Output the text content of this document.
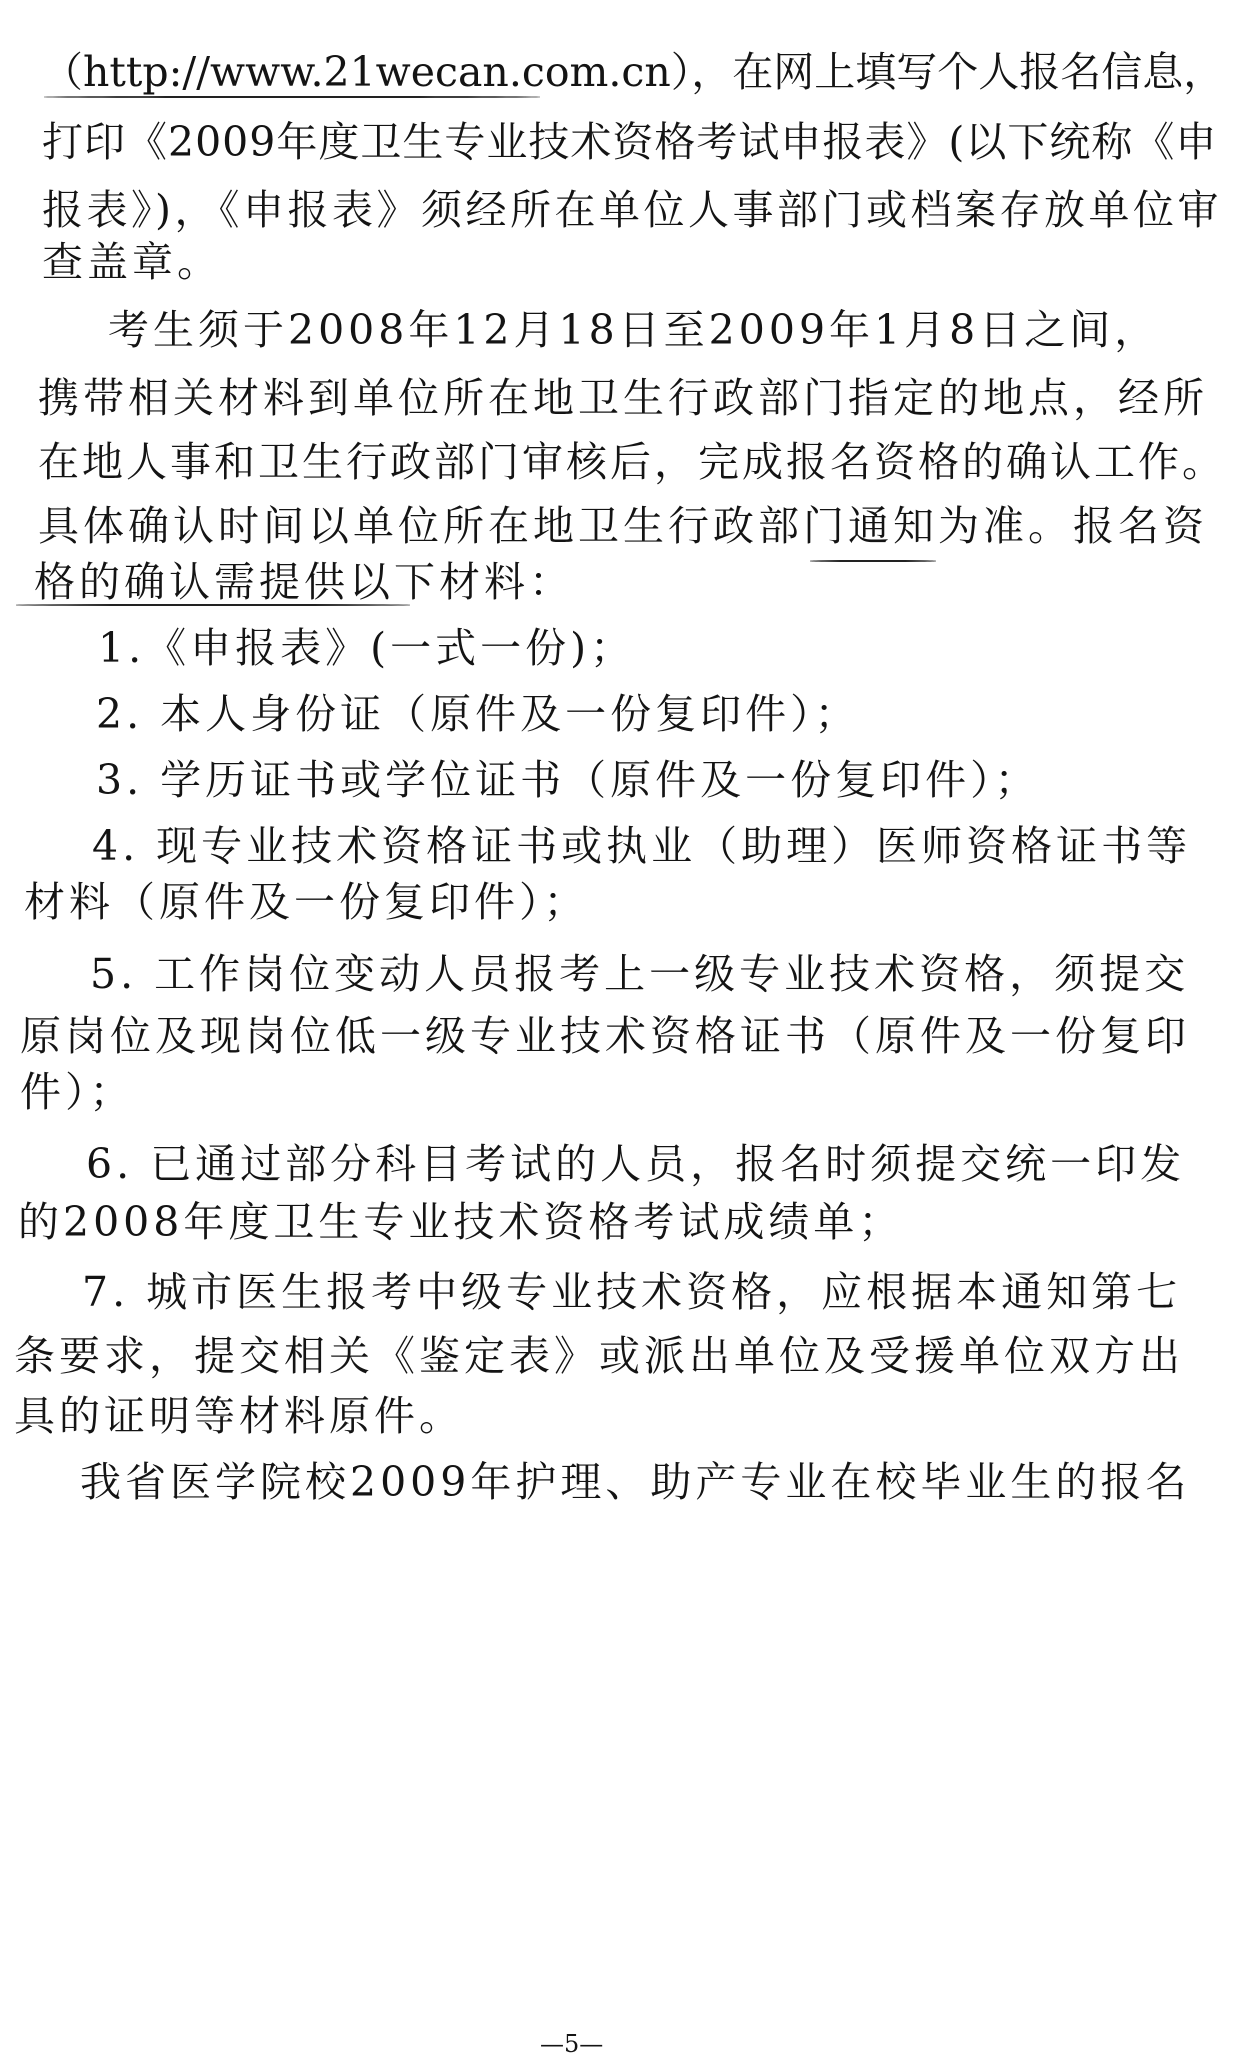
（http://www.21wecan.com.cn），在网上填写个人报名信息，
打印《2009年度卫生专业技术资格考试申报表》(以下统称《申
报表》)，《申报表》须经所在单位人事部门或档案存放单位审
查盖章。
考生须于2008年12月18日至2009年1月8日之间，
携带相关材料到单位所在地卫生行政部门指定的地点，经所
在地人事和卫生行政部门审核后，完成报名资格的确认工作。
具体确认时间以单位所在地卫生行政部门通知为准。报名资
格的确认需提供以下材料：
1.《申报表》(一式一份)；
2. 本人身份证（原件及一份复印件）；
3. 学历证书或学位证书（原件及一份复印件）；
4. 现专业技术资格证书或执业（助理）医师资格证书等
材料（原件及一份复印件）；
5. 工作岗位变动人员报考上一级专业技术资格，须提交
原岗位及现岗位低一级专业技术资格证书（原件及一份复印
件）；
6. 已通过部分科目考试的人员，报名时须提交统一印发
的2008年度卫生专业技术资格考试成绩单；
7. 城市医生报考中级专业技术资格，应根据本通知第七
条要求，提交相关《鉴定表》或派出单位及受援单位双方出
具的证明等材料原件。
我省医学院校2009年护理、助产专业在校毕业生的报名
—5—
